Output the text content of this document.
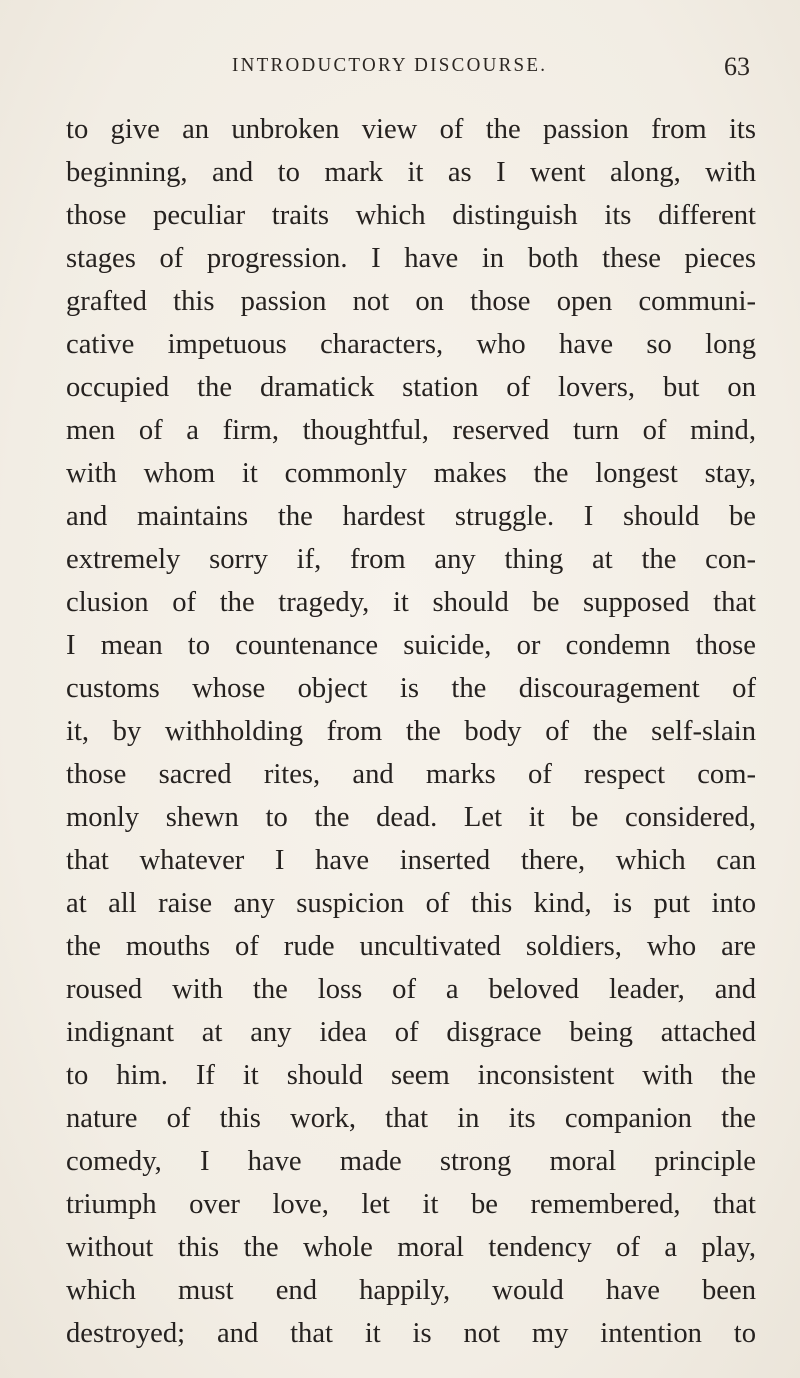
INTRODUCTORY DISCOURSE.	63
to give an unbroken view of the passion from its
beginning, and to mark it as I went along, with
those peculiar traits which distinguish its different
stages of progression. I have in both these pieces
grafted this passion not on those open communi-
cative impetuous characters, who have so long
occupied the dramatick station of lovers, but on
men of a firm, thoughtful, reserved turn of mind,
with whom it commonly makes the longest stay,
and maintains the hardest struggle. I should be
extremely sorry if, from any thing at the con-
clusion of the tragedy, it should be supposed that
I mean to countenance suicide, or condemn those
customs whose object is the discouragement of
it, by withholding from the body of the self-slain
those sacred rites, and marks of respect com-
monly shewn to the dead. Let it be considered,
that whatever I have inserted there, which can
at all raise any suspicion of this kind, is put into
the mouths of rude uncultivated soldiers, who are
roused with the loss of a beloved leader, and
indignant at any idea of disgrace being attached
to him. If it should seem inconsistent with the
nature of this work, that in its companion the
comedy, I have made strong moral principle
triumph over love, let it be remembered, that
without this the whole moral tendency of a play,
which must end happily, would have been
destroyed; and that it is not my intention to
